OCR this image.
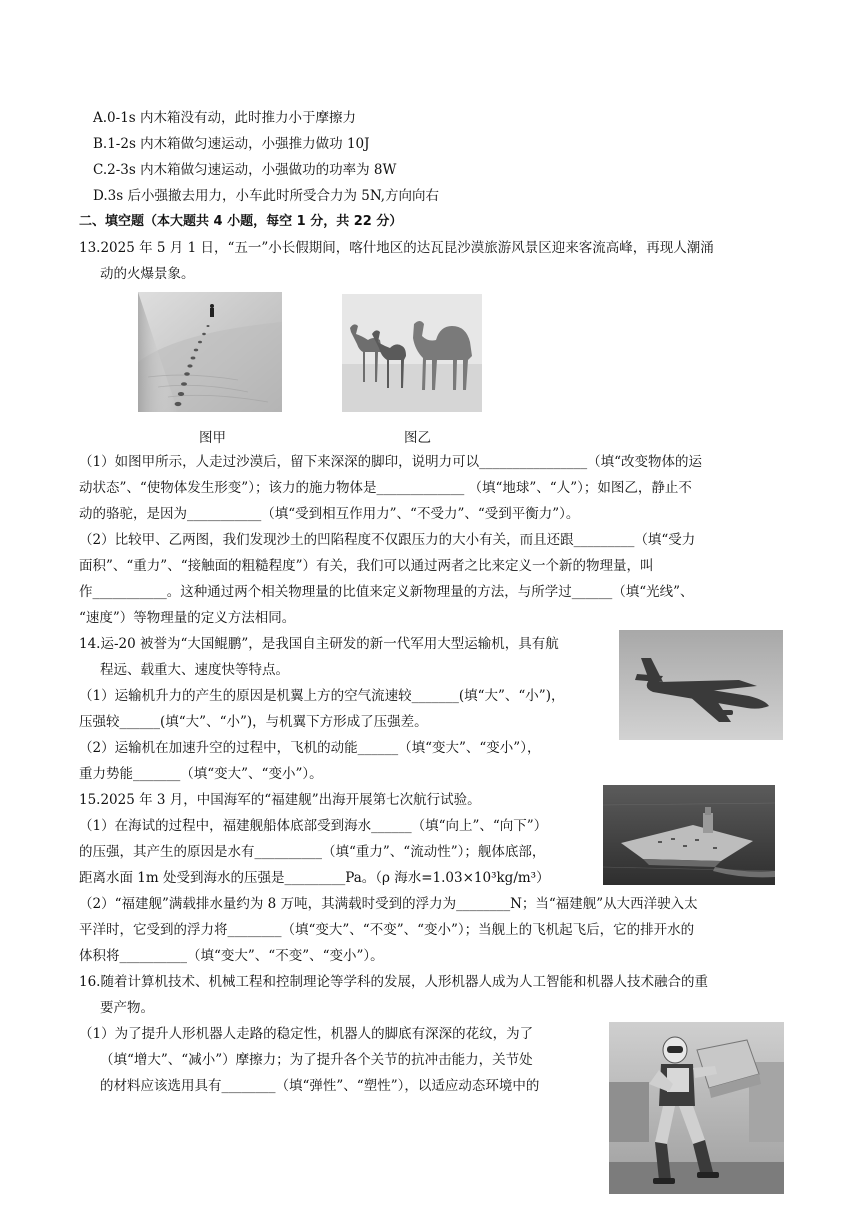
A.0-1s 内木箱没有动，此时推力小于摩擦力
B.1-2s 内木箱做匀速运动，小强推力做功 10J
C.2-3s 内木箱做匀速运动，小强做功的功率为 8W
D.3s 后小强撤去用力，小车此时所受合力为 5N,方向向右
二、填空题（本大题共 4 小题，每空 1 分，共 22 分）
13.2025 年 5 月 1 日，“五一”小长假期间，喀什地区的达瓦昆沙漠旅游风景区迎来客流高峰，再现人潮涌
动的火爆景象。
图甲	图乙
（1）如图甲所示，人走过沙漠后，留下来深深的脚印，说明力可以________________（填“改变物体的运
动状态”、“使物体发生形变”）；该力的施力物体是_____________ （填“地球”、“人”）；如图乙，静止不
动的骆驼，是因为___________（填“受到相互作用力”、“不受力”、“受到平衡力”）。
（2）比较甲、乙两图，我们发现沙土的凹陷程度不仅跟压力的大小有关，而且还跟_________（填“受力
面积”、“重力”、“接触面的粗糙程度”）有关，我们可以通过两者之比来定义一个新的物理量，叫
作___________。这种通过两个相关物理量的比值来定义新物理量的方法，与所学过______（填“光线”、
“速度”）等物理量的定义方法相同。
14.运-20 被誉为“大国鲲鹏”，是我国自主研发的新一代军用大型运输机，具有航
程远、载重大、速度快等特点。
（1）运输机升力的产生的原因是机翼上方的空气流速较_______(填“大”、“小”)，
压强较______(填“大”、“小”)，与机翼下方形成了压强差。
（2）运输机在加速升空的过程中，飞机的动能______（填“变大”、“变小”），
重力势能_______（填“变大”、“变小”）。
15.2025 年 3 月，中国海军的“福建舰”出海开展第七次航行试验。
（1）在海试的过程中，福建舰船体底部受到海水______（填“向上”、“向下”）
的压强，其产生的原因是水有__________（填“重力”、“流动性”）；舰体底部，
距离水面 1m 处受到海水的压强是_________Pa。（ρ 海水=1.03×10³kg/m³）
（2）“福建舰”满载排水量约为 8 万吨，其满载时受到的浮力为________N；当“福建舰”从大西洋驶入太
平洋时，它受到的浮力将________（填“变大”、“不变”、“变小”）；当舰上的飞机起飞后，它的排开水的
体积将__________（填“变大”、“不变”、“变小”）。
16.随着计算机技术、机械工程和控制理论等学科的发展，人形机器人成为人工智能和机器人技术融合的重
要产物。
（1）为了提升人形机器人走路的稳定性，机器人的脚底有深深的花纹，为了
（填“增大”、“减小”）摩擦力；为了提升各个关节的抗冲击能力，关节处
的材料应该选用具有________（填“弹性”、“塑性”），以适应动态环境中的
